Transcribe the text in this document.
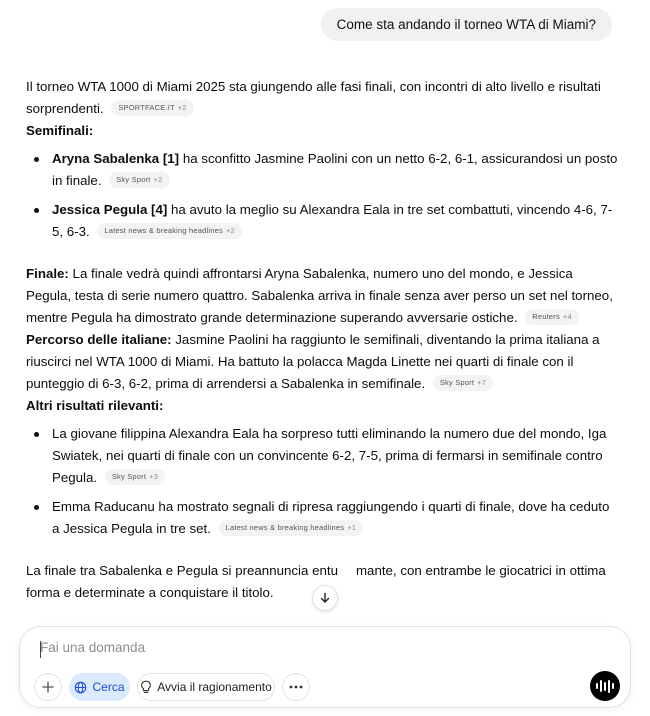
Come sta andando il torneo WTA di Miami?

Il torneo WTA 1000 di Miami 2025 sta giungendo alle fasi finali, con incontri di alto livello e risultati sorprendenti. SPORTFACE.IT +2

Semifinali:

Aryna Sabalenka [1] ha sconfitto Jasmine Paolini con un netto 6-2, 6-1, assicurandosi un posto in finale. Sky Sport +2
Jessica Pegula [4] ha avuto la meglio su Alexandra Eala in tre set combattuti, vincendo 4-6, 7-5, 6-3. Latest news & breaking headlines +2

Finale: La finale vedrà quindi affrontarsi Aryna Sabalenka, numero uno del mondo, e Jessica Pegula, testa di serie numero quattro. Sabalenka arriva in finale senza aver perso un set nel torneo, mentre Pegula ha dimostrato grande determinazione superando avversarie ostiche. Reuters +4

Percorso delle italiane: Jasmine Paolini ha raggiunto le semifinali, diventando la prima italiana a riuscirci nel WTA 1000 di Miami. Ha battuto la polacca Magda Linette nei quarti di finale con il punteggio di 6-3, 6-2, prima di arrendersi a Sabalenka in semifinale. Sky Sport +7

Altri risultati rilevanti:

La giovane filippina Alexandra Eala ha sorpreso tutti eliminando la numero due del mondo, Iga Swiatek, nei quarti di finale con un convincente 6-2, 7-5, prima di fermarsi in semifinale contro Pegula. Sky Sport +3
Emma Raducanu ha mostrato segnali di ripresa raggiungendo i quarti di finale, dove ha ceduto a Jessica Pegula in tre set. Latest news & breaking headlines +1

La finale tra Sabalenka e Pegula si preannuncia entu mante, con entrambe le giocatrici in ottima forma e determinate a conquistare il titolo.

Fai una domanda
Cerca	Avvia il ragionamento
